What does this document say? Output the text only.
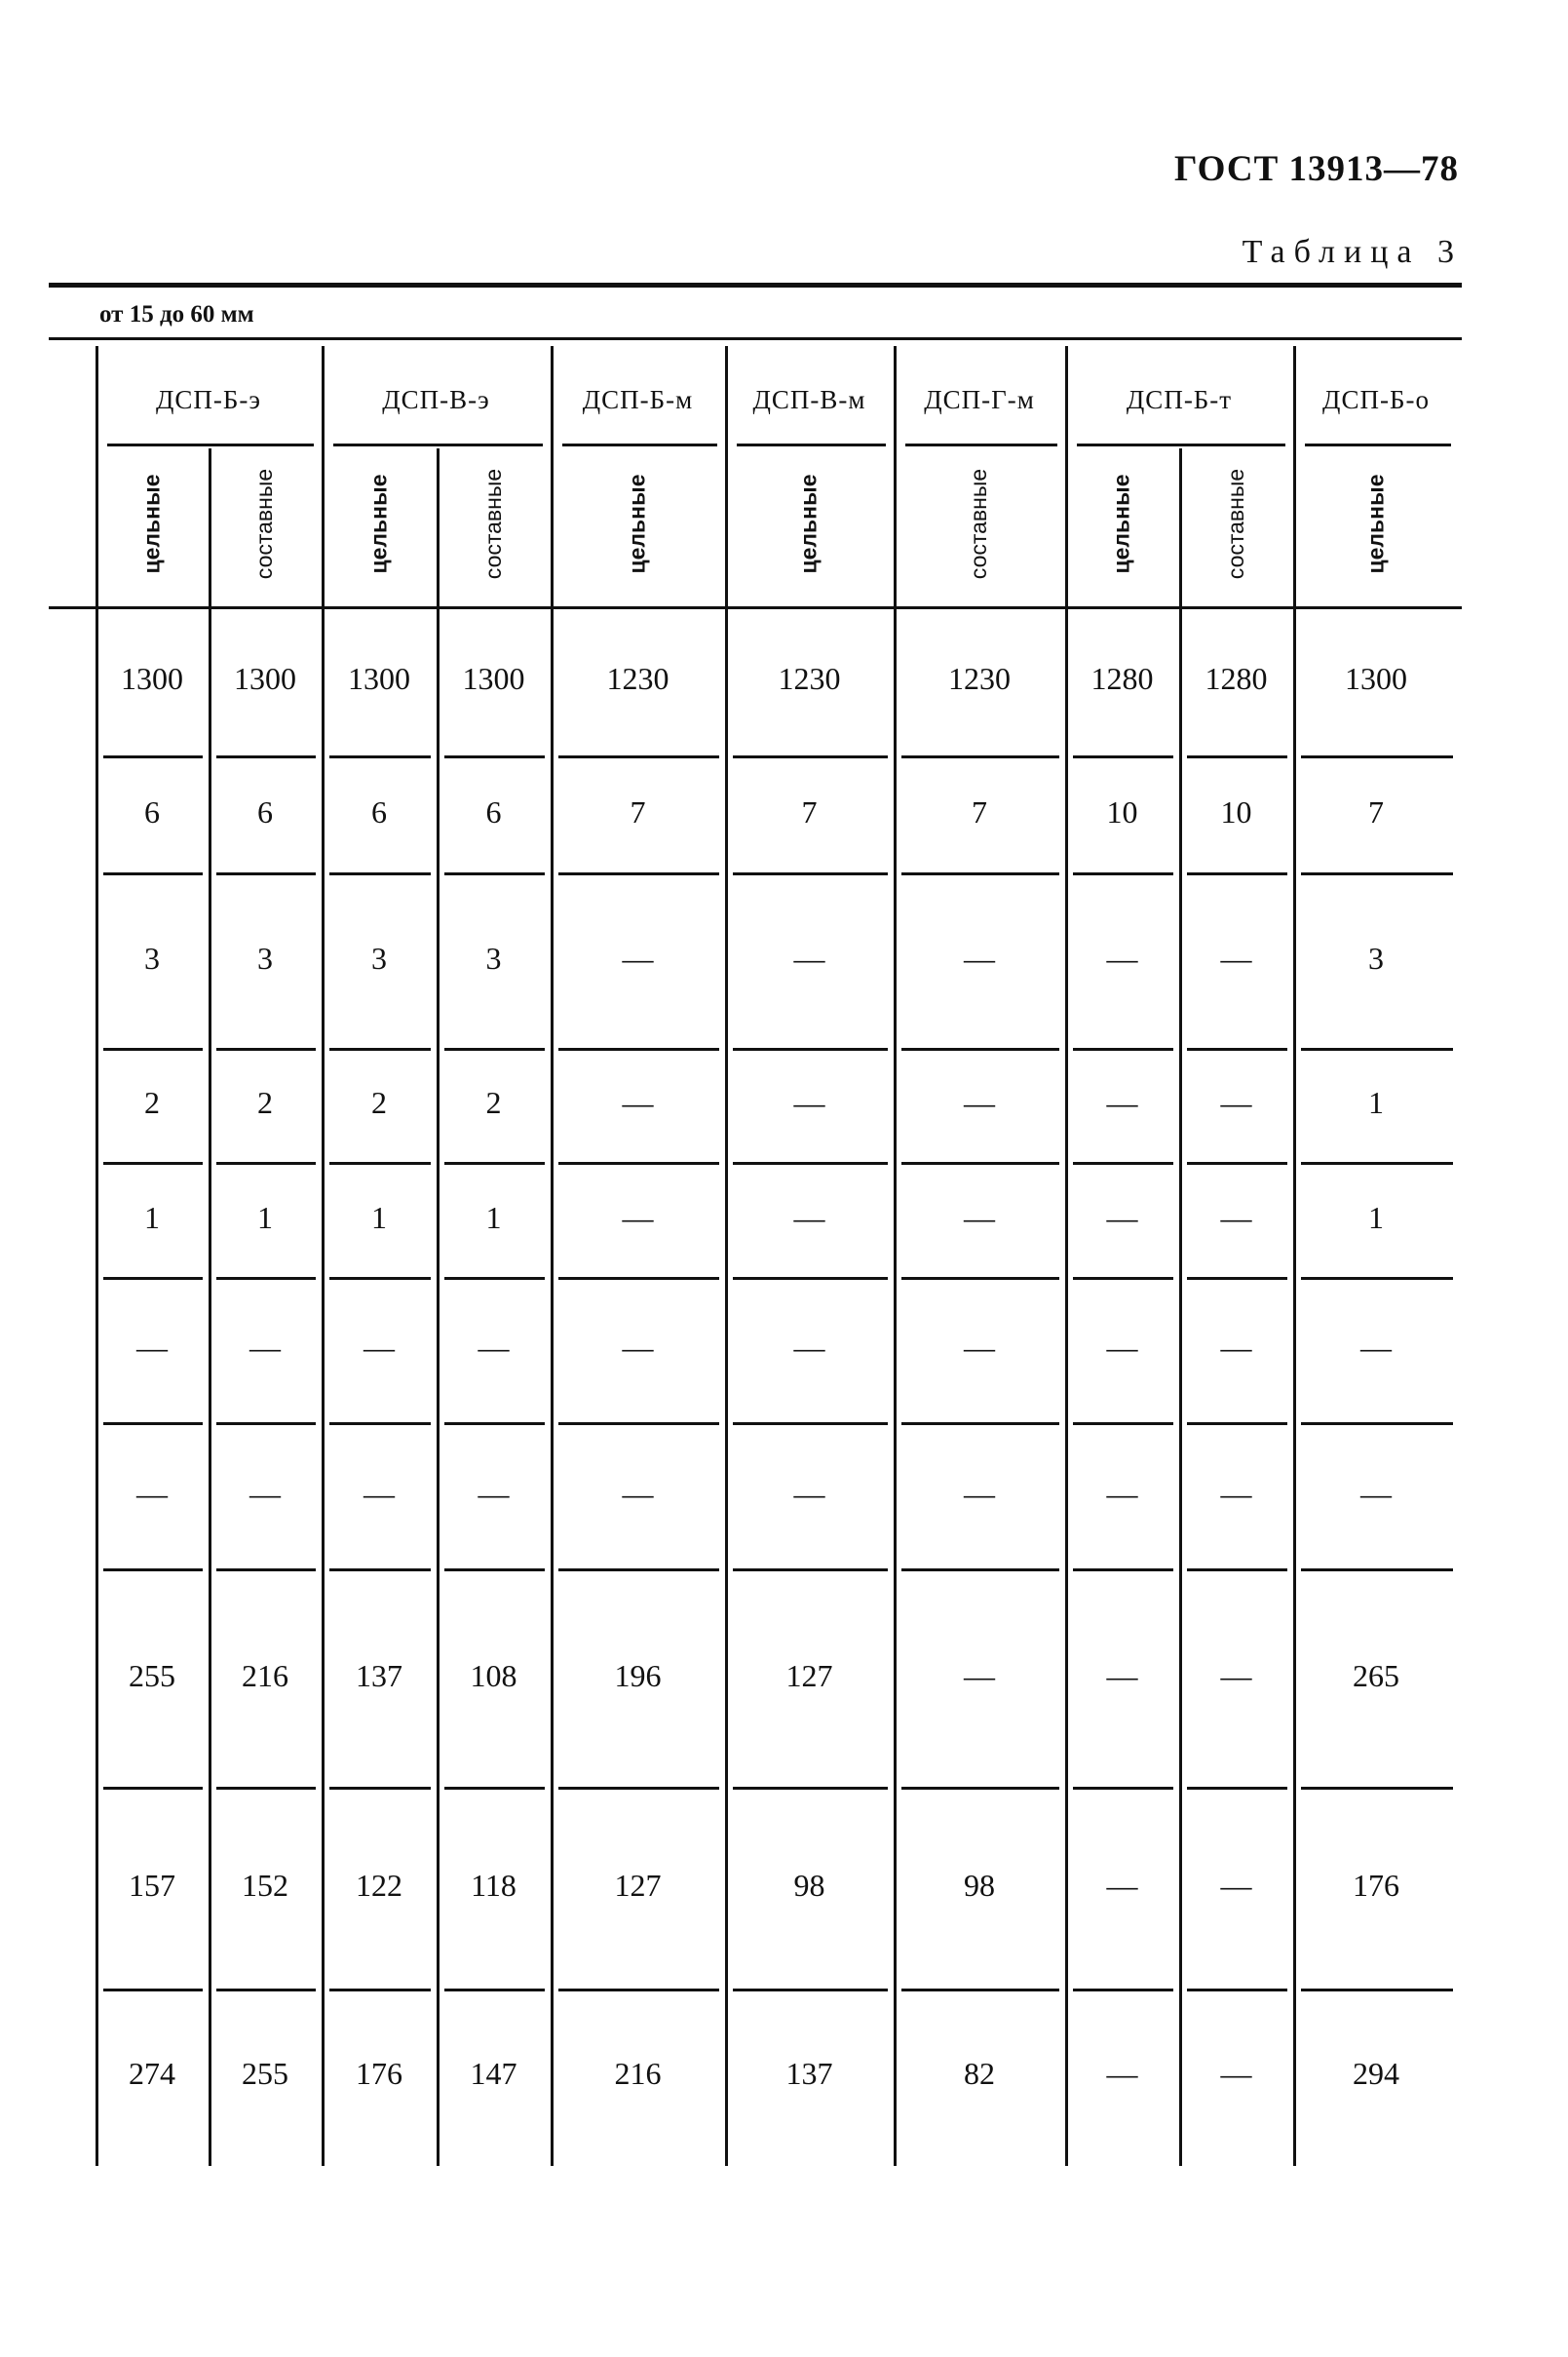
ГОСТ 13913—78
Таблица 3
от 15 до 60 мм
ДСП-Б-э	ДСП-В-э	ДСП-Б-м	ДСП-В-м	ДСП-Г-м	ДСП-Б-т	ДСП-Б-о
цельные	составные	цельные	составные	цельные	цельные	составные	цельные	составные	цельные
1300	1300	1300	1300	1230	1230	1230	1280	1280	1300
6	6	6	6	7	7	7	10	10	7
3	3	3	3	—	—	—	—	—	3
2	2	2	2	—	—	—	—	—	1
1	1	1	1	—	—	—	—	—	1
—	—	—	—	—	—	—	—	—	—
—	—	—	—	—	—	—	—	—	—
255	216	137	108	196	127	—	—	—	265
157	152	122	118	127	98	98	—	—	176
274	255	176	147	216	137	82	—	—	294
